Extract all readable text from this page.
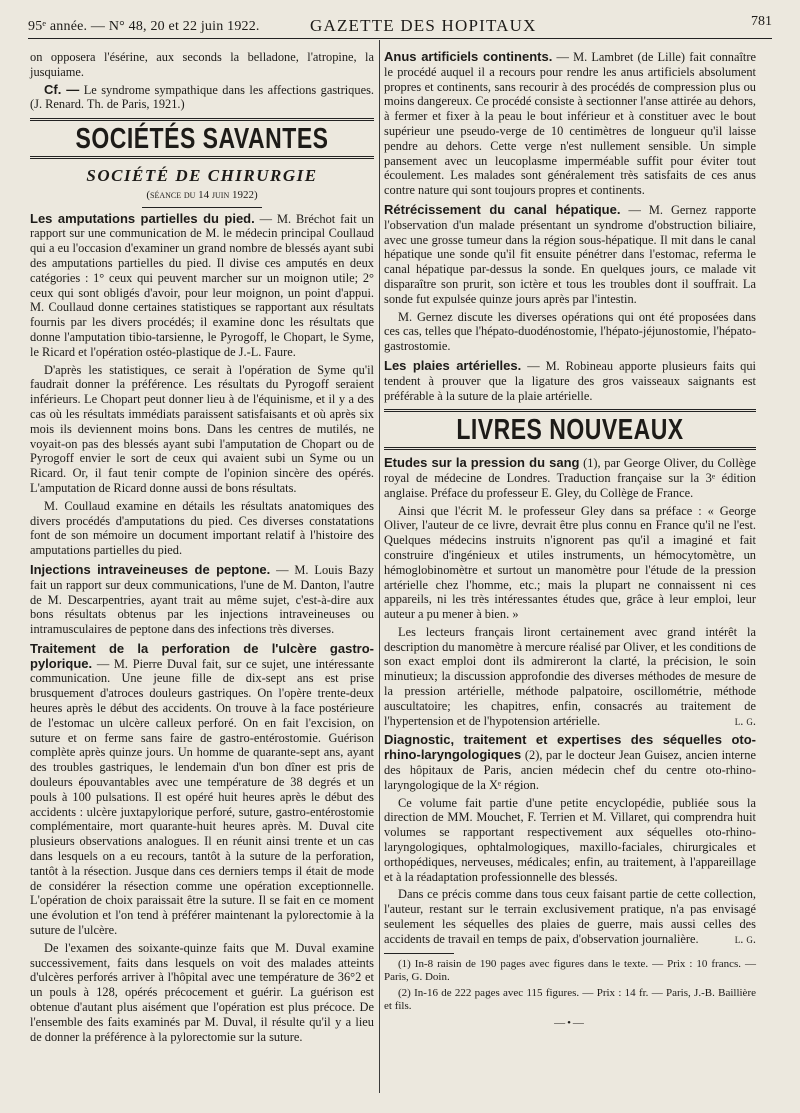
95ᵉ année. — N° 48, 20 et 22 juin 1922.	GAZETTE DES HOPITAUX	781

on opposera l'ésérine, aux seconds la belladone, l'atropine, la jusquiame.

Cf. — Le syndrome sympathique dans les affections gastriques. (J. Renard. Th. de Paris, 1921.)

SOCIÉTÉS SAVANTES
SOCIÉTÉ DE CHIRURGIE
(séance du 14 juin 1922)

Les amputations partielles du pied. — M. Bréchot fait un rapport sur une communication de M. le médecin principal Coullaud qui a eu l'occasion d'examiner un grand nombre de blessés ayant subi des amputations partielles du pied. Il divise ces amputés en deux catégories : 1° ceux qui peuvent marcher sur un moignon utile; 2° ceux qui sont obligés d'avoir, pour leur moignon, un point d'appui. M. Coullaud donne certaines statistiques se rapportant aux résultats fournis par les divers procédés; il examine donc les résultats que donne l'amputation tibio-tarsienne, le Pyrogoff, le Chopart, le Syme, le Ricard et l'opération ostéo-plastique de J.-L. Faure.

D'après les statistiques, ce serait à l'opération de Syme qu'il faudrait donner la préférence. Les résultats du Pyrogoff seraient inférieurs. Le Chopart peut donner lieu à de l'équinisme, et il y a des cas où les résultats immédiats paraissent satisfaisants et où après six mois ils deviennent moins bons. Dans les centres de mutilés, ne voyait-on pas des blessés ayant subi l'amputation de Chopart ou de Pyrogoff envier le sort de ceux qui avaient subi un Syme ou un Ricard. Or, il faut tenir compte de l'opinion sincère des opérés. L'amputation de Ricard donne aussi de bons résultats.

M. Coullaud examine en détails les résultats anatomiques des divers procédés d'amputations du pied. Ces diverses constatations font de son mémoire un document important relatif à l'histoire des amputations partielles du pied.

Injections intraveineuses de peptone. — M. Louis Bazy fait un rapport sur deux communications, l'une de M. Danton, l'autre de M. Descarpentries, ayant trait au même sujet, c'est-à-dire aux bons résultats obtenus par les injections intraveineuses ou intramusculaires de peptone dans des infections très diverses.

Traitement de la perforation de l'ulcère gastro-pylorique. — M. Pierre Duval fait, sur ce sujet, une intéressante communication. Une jeune fille de dix-sept ans est prise brusquement d'atroces douleurs gastriques. On l'opère trente-deux heures après le début des accidents. On trouve à la face postérieure de l'estomac un ulcère calleux perforé. On en fait l'excision, on suture et on ferme sans faire de gastro-entérostomie. Guérison complète après quinze jours. Un homme de quarante-sept ans, ayant des troubles gastriques, le lendemain d'un bon dîner est pris de douleurs épouvantables avec une température de 38 degrés et un pouls à 100 pulsations. Il est opéré huit heures après le début des accidents : ulcère juxtapylorique perforé, suture, gastro-entérostomie complémentaire, mort quarante-huit heures après. M. Duval cite plusieurs observations analogues. Il en réunit ainsi trente et un cas dans lesquels on a eu recours, tantôt à la suture de la perforation, tantôt à la résection. Jusque dans ces derniers temps il était de mode de considérer la résection comme une opération exceptionnelle. L'opération de choix paraissait être la suture. Il se fait en ce moment une évolution et l'on tend à préférer maintenant la pylorectomie à la suture de l'ulcère.

De l'examen des soixante-quinze faits que M. Duval examine successivement, faits dans lesquels on voit des malades atteints d'ulcères perforés arriver à l'hôpital avec une température de 36°2 et un pouls à 128, opérés précocement et guérir. La guérison est obtenue d'autant plus aisément que l'opération est plus précoce. De l'ensemble des faits examinés par M. Duval, il résulte qu'il y a lieu de donner la préférence à la pylorectomie sur la suture.

Anus artificiels continents. — M. Lambret (de Lille) fait connaître le procédé auquel il a recours pour rendre les anus artificiels absolument propres et continents, sans recourir à des procédés de compression plus ou moins dangereux. Ce procédé consiste à sectionner l'anse attirée au dehors, à fermer et fixer à la peau le bout inférieur et à constituer avec le bout supérieur une pseudo-verge de 10 centimètres de longueur qu'il laisse pendre au dehors. Cette verge n'est nullement sensible. Un simple pansement avec un leucoplasme imperméable suffit pour éviter tout écoulement. Les malades sont généralement très satisfaits de ces anus contre nature qui sont toujours propres et continents.

Rétrécissement du canal hépatique. — M. Gernez rapporte l'observation d'un malade présentant un syndrome d'obstruction biliaire, avec une grosse tumeur dans la région sous-hépatique. Il mit dans le canal hépatique une sonde qu'il fit ensuite pénétrer dans l'estomac, referma le canal hépatique par-dessus la sonde. En quelques jours, ce malade vit disparaître son prurit, son ictère et tous les troubles dont il souffrait. La sonde fut expulsée quinze jours après par l'intestin.

M. Gernez discute les diverses opérations qui ont été proposées dans ces cas, telles que l'hépato-duodénostomie, l'hépato-jéjunostomie, l'hépato-gastrostomie.

Les plaies artérielles. — M. Robineau apporte plusieurs faits qui tendent à prouver que la ligature des gros vaisseaux saignants est préférable à la suture de la plaie artérielle.

LIVRES NOUVEAUX

Etudes sur la pression du sang (1), par George Oliver, du Collège royal de médecine de Londres. Traduction française sur la 3ᵉ édition anglaise. Préface du professeur E. Gley, du Collège de France.

Ainsi que l'écrit M. le professeur Gley dans sa préface : « George Oliver, l'auteur de ce livre, devrait être plus connu en France qu'il ne l'est. Quelques médecins instruits n'ignorent pas qu'il a imaginé et fait construire d'ingénieux et utiles instruments, un hémocytomètre, un hémoglobinomètre et surtout un manomètre pour l'étude de la pression artérielle chez l'homme, etc.; mais la plupart ne connaissent ni ces appareils, ni les très intéressantes études que, grâce à leur emploi, leur auteur a pu mener à bien. »

Les lecteurs français liront certainement avec grand intérêt la description du manomètre à mercure réalisé par Oliver, et les conditions de son exact emploi dont ils admireront la clarté, la précision, le soin minutieux; la discussion approfondie des diverses méthodes de mesure de la pression artérielle, méthode palpatoire, oscillométrie, méthode auscultatoire; les chapitres, enfin, consacrés au traitement de l'hypertension et de l'hypotension artérielle.	l. g.

Diagnostic, traitement et expertises des séquelles oto-rhino-laryngologiques (2), par le docteur Jean Guisez, ancien interne des hôpitaux de Paris, ancien médecin chef du centre oto-rhino-laryngologique de la Xᵉ région.

Ce volume fait partie d'une petite encyclopédie, publiée sous la direction de MM. Mouchet, F. Terrien et M. Villaret, qui comprendra huit volumes se rapportant respectivement aux séquelles oto-rhino-laryngologiques, ophtalmologiques, maxillo-faciales, chirurgicales et orthopédiques, nerveuses, médicales; enfin, au traitement, à l'appareillage et à la réadaptation professionnelle des blessés.

Dans ce précis comme dans tous ceux faisant partie de cette collection, l'auteur, restant sur le terrain exclusivement pratique, n'a pas envisagé seulement les séquelles des plaies de guerre, mais aussi celles des accidents de travail en temps de paix, d'observation journalière.	l. g.

(1) In-8 raisin de 190 pages avec figures dans le texte. — Prix : 10 francs. — Paris, G. Doin.

(2) In-16 de 222 pages avec 115 figures. — Prix : 14 fr. — Paris, J.-B. Baillière et fils.

—•—
